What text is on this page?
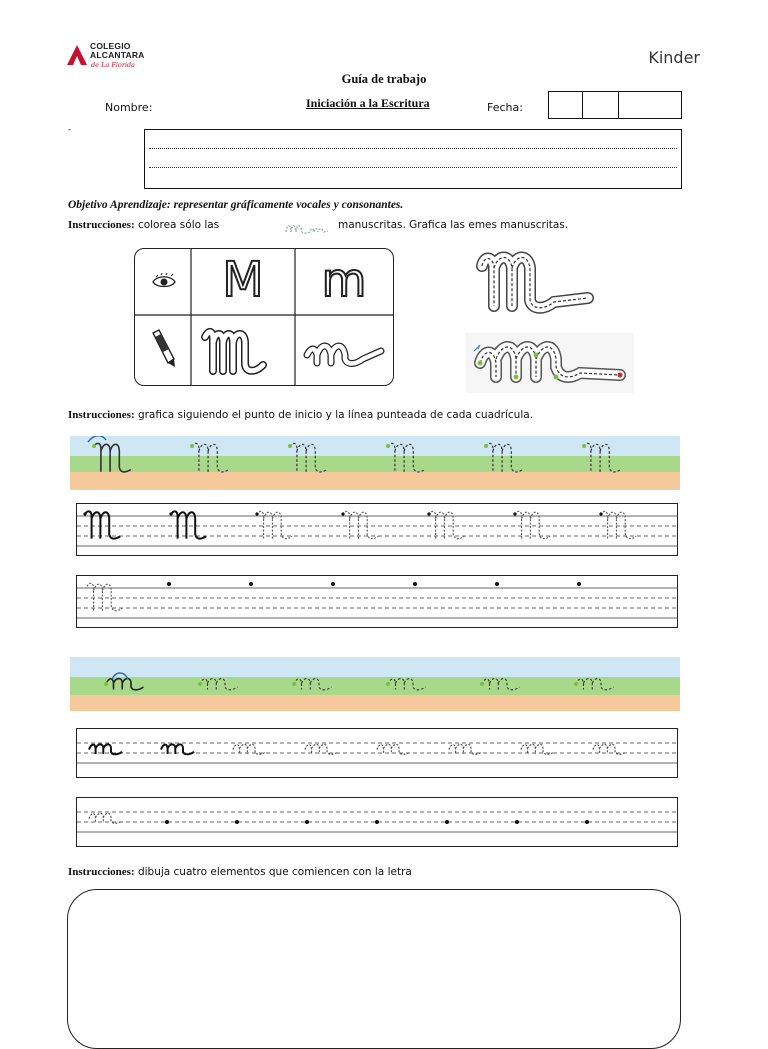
COLEGIO
ALCANTARA
de La Florida	Kinder
Guía de trabajo
Nombre:	Iniciación a la Escritura	Fecha:
-
Objetivo Aprendizaje: representar gráficamente vocales y consonantes.
Instrucciones: colorea sólo las	manuscritas. Grafica las emes manuscritas.
M	m
Instrucciones: grafica siguiendo el punto de inicio y la línea punteada de cada cuadrícula.
Instrucciones: dibuja cuatro elementos que comiencen con la letra
